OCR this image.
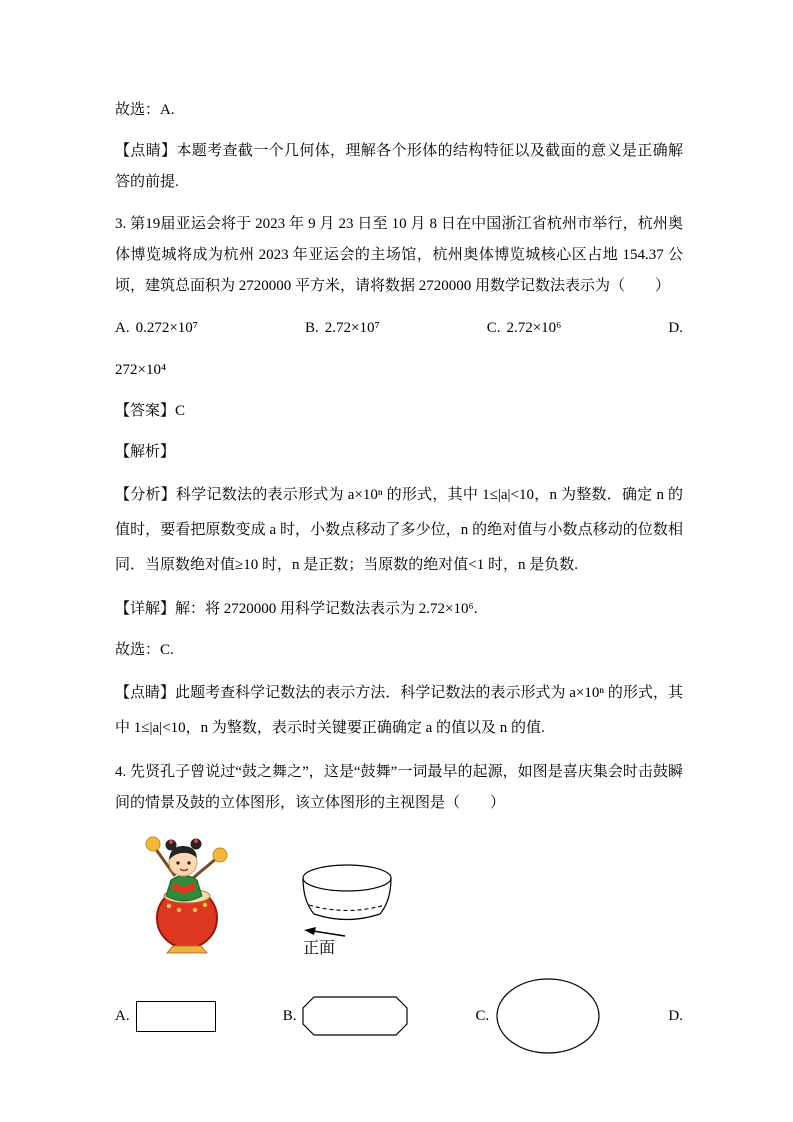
故选：A.

【点睛】本题考查截一个几何体，理解各个形体的结构特征以及截面的意义是正确解答的前提.

3. 第19届亚运会将于 2023 年 9 月 23 日至 10 月 8 日在中国浙江省杭州市举行，杭州奥体博览城将成为杭州 2023 年亚运会的主场馆，杭州奥体博览城核心区占地 154.37 公顷，建筑总面积为 2720000 平方米，请将数据 2720000 用数学记数法表示为（　　）

A. 0.272×10⁷	B. 2.72×10⁷	C. 2.72×10⁶	D.

272×10⁴

【答案】C

【解析】

【分析】科学记数法的表示形式为 a×10ⁿ 的形式，其中 1≤|a|<10，n 为整数．确定 n 的值时，要看把原数变成 a 时，小数点移动了多少位，n 的绝对值与小数点移动的位数相同．当原数绝对值≥10 时，n 是正数；当原数的绝对值<1 时，n 是负数.

【详解】解：将 2720000 用科学记数法表示为 2.72×10⁶.

故选：C.

【点睛】此题考查科学记数法的表示方法．科学记数法的表示形式为 a×10ⁿ 的形式，其中 1≤|a|<10，n 为整数，表示时关键要正确确定 a 的值以及 n 的值.

4. 先贤孔子曾说过“鼓之舞之”，这是“鼓舞”一词最早的起源，如图是喜庆集会时击鼓瞬间的情景及鼓的立体图形，该立体图形的主视图是（　　）

正面
A.	B.	C.	D.
